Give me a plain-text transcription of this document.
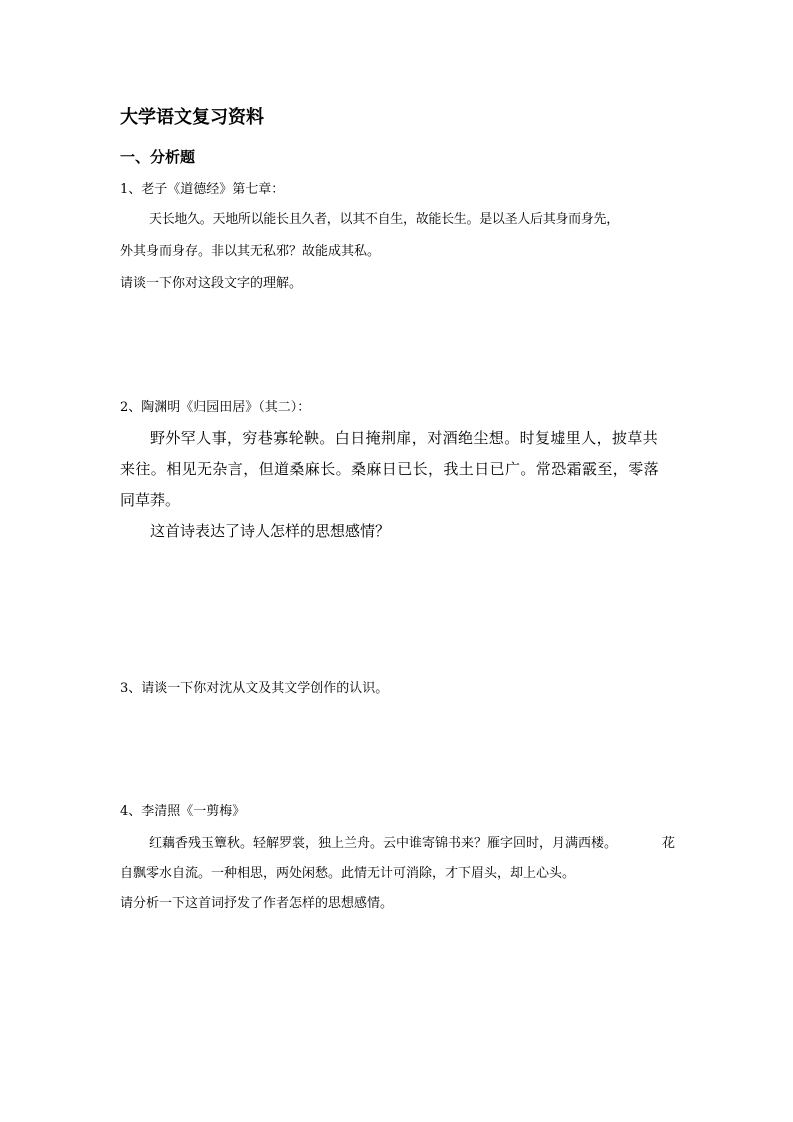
大学语文复习资料
一、分析题

1、老子《道德经》第七章：

天长地久。天地所以能长且久者，以其不自生，故能长生。是以圣人后其身而身先，

外其身而身存。非以其无私邪？故能成其私。

请谈一下你对这段文字的理解。

2、陶渊明《归园田居》（其二）：

野外罕人事，穷巷寡轮鞅。白日掩荆扉，对酒绝尘想。时复墟里人，披草共

来往。相见无杂言，但道桑麻长。桑麻日已长，我土日已广。常恐霜霰至，零落

同草莽。

这首诗表达了诗人怎样的思想感情？

3、请谈一下你对沈从文及其文学创作的认识。

4、李清照《一剪梅》

红藕香残玉簟秋。轻解罗裳，独上兰舟。云中谁寄锦书来？雁字回时，月满西楼。	花

自飘零水自流。一种相思，两处闲愁。此情无计可消除，才下眉头，却上心头。

请分析一下这首词抒发了作者怎样的思想感情。
